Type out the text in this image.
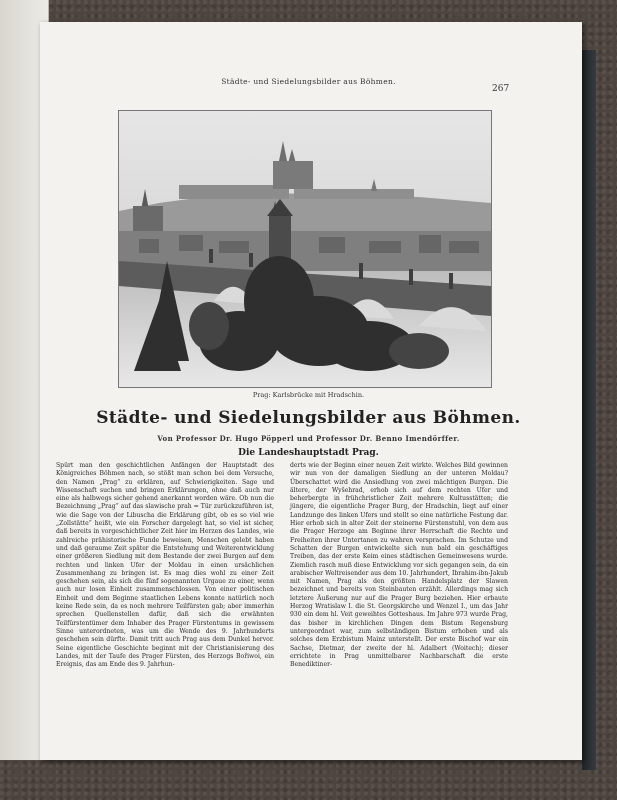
Städte- und Siedelungsbilder aus Böhmen.
267
Prag: Karlsbrücke mit Hradschin.
Städte- und Siedelungsbilder aus Böhmen.
Von Professor Dr. Hugo Pöpperl und Professor Dr. Benno Imendörffer.
Die Landeshauptstadt Prag.

Spürt man den geschichtlichen Anfängen der Hauptstadt des Königreiches Böhmen nach, so stößt man schon bei dem Versuche, den Namen „Prag“ zu erklären, auf Schwierigkeiten. Sage und Wissenschaft suchen und bringen Erklärungen, ohne daß auch nur eine als halbwegs sicher gehend anerkannt worden wäre. Ob nun die Bezeichnung „Prag“ auf das slawische prah = Tür zurückzuführen ist, wie die Sage von der Libuscha die Erklärung gibt, ob es so viel wie „Zollstätte“ heißt, wie ein Forscher dargelegt hat, so viel ist sicher, daß bereits in vorgeschichtlicher Zeit hier im Herzen des Landes, wie zahlreiche prähistorische Funde beweisen, Menschen gelebt haben und daß geraume Zeit später die Entstehung und Weiterentwicklung einer größeren Siedlung mit dem Bestande der zwei Burgen auf dem rechten und linken Ufer der Moldau in einen ursächlichen Zusammenhang zu bringen ist. Es mag dies wohl zu einer Zeit geschehen sein, als sich die fünf sogenannten Urgaue zu einer, wenn auch nur losen Einheit zusammenschlossen. Von einer politischen Einheit und dem Beginne staatlichen Lebens konnte natürlich noch keine Rede sein, da es noch mehrere Teilfürsten gab; aber immerhin sprechen Quellenstellen dafür, daß sich die erwähnten Teilfürstentümer dem Inhaber des Prager Fürstentums in gewissem Sinne unterordneten, was um die Wende des 9. Jahrhunderts geschehen sein dürfte. Damit tritt auch Prag aus dem Dunkel hervor. Seine eigentliche Geschichte beginnt mit der Christianisierung des Landes, mit der Taufe des Prager Fürsten, des Herzogs Bořiwoi, ein Ereignis, das am Ende des 9. Jahrhun-

derts wie der Beginn einer neuen Zeit wirkte. Welches Bild gewinnen wir nun von der damaligen Siedlung an der unteren Moldau? Überschattet wird die Ansiedlung von zwei mächtigen Burgen. Die ältere, der Wyšehrad, erhob sich auf dem rechten Ufer und beherbergte in frühchristlicher Zeit mehrere Kultusstätten; die jüngere, die eigentliche Prager Burg, der Hradschin, liegt auf einer Landzunge des linken Ufers und stellt so eine natürliche Festung dar. Hier erhob sich in alter Zeit der steinerne Fürstenstuhl, von dem aus die Prager Herzoge am Beginne ihrer Herrschaft die Rechte und Freiheiten ihrer Untertanen zu wahren versprachen. Im Schutze und Schatten der Burgen entwickelte sich nun bald ein geschäftiges Treiben, das der erste Keim eines städtischen Gemeinwesens wurde. Ziemlich rasch muß diese Entwicklung vor sich gegangen sein, da ein arabischer Weltreisender aus dem 10. Jahrhundert, Ibrahim-ibn-Jakub mit Namen, Prag als den größten Handelsplatz der Slawen bezeichnet und bereits von Steinbauten erzählt. Allerdings mag sich letztere Äußerung nur auf die Prager Burg beziehen. Hier erbaute Herzog Wratislaw I. die St. Georgskirche und Wenzel I., um das Jahr 930 ein dem hl. Veit geweihtes Gotteshaus. Im Jahre 973 wurde Prag, das bisher in kirchlichen Dingen dem Bistum Regensburg untergeordnet war, zum selbständigen Bistum erhoben und als solches dem Erzbistum Mainz unterstellt. Der erste Bischof war ein Sachse, Dietmar, der zweite der hl. Adalbert (Woitech); dieser errichtete in Prag unmittelbarer Nachbarschaft die erste Benediktiner-
